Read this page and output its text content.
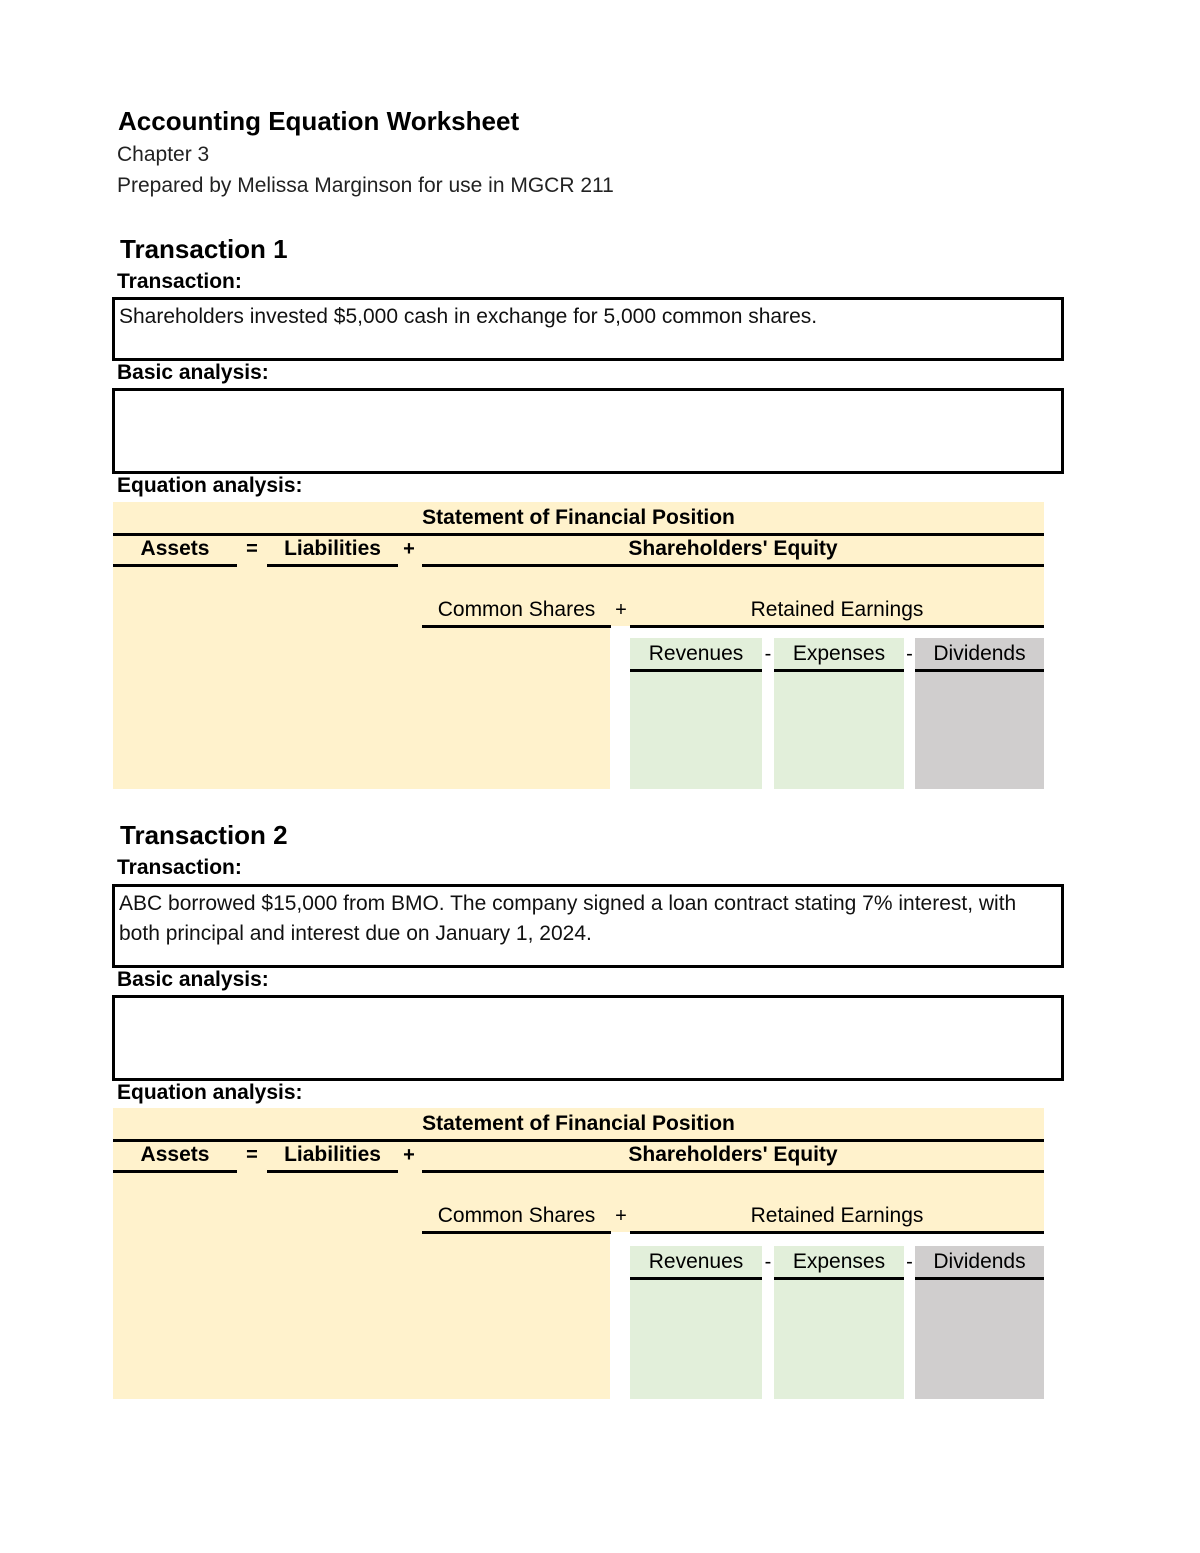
Accounting Equation Worksheet
Chapter 3
Prepared by Melissa Marginson for use in MGCR 211
Transaction 1
Transaction:
Shareholders invested $5,000 cash in exchange for 5,000 common shares.
Basic analysis:
Equation analysis:
Statement of Financial Position
Assets	=	Liabilities	+	Shareholders' Equity
Common Shares +	Retained Earnings
Revenues	-	Expenses	- Dividends
Transaction 2
Transaction:
ABC borrowed $15,000 from BMO. The company signed a loan contract stating 7% interest, with both principal and interest due on January 1, 2024.
Basic analysis:
Equation analysis:
Statement of Financial Position
Assets	=	Liabilities	+	Shareholders' Equity
Common Shares +	Retained Earnings
Revenues	-	Expenses	- Dividends
